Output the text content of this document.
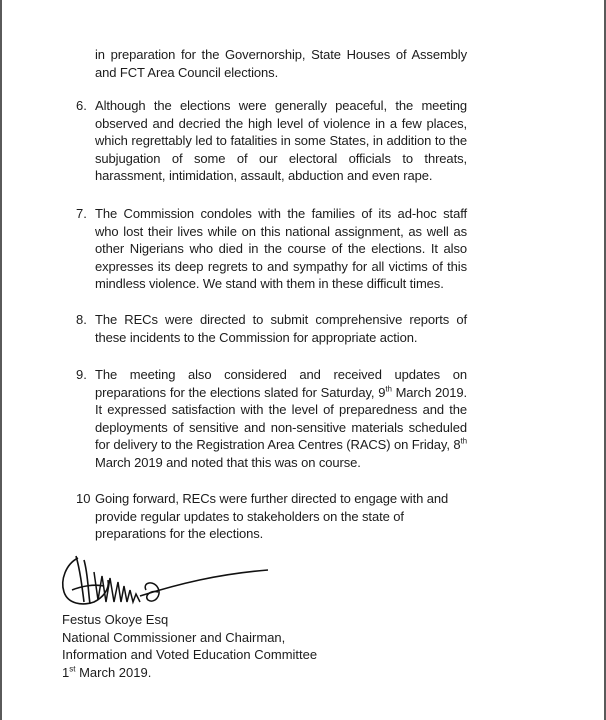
in preparation for the Governorship, State Houses of Assembly and FCT Area Council elections.
6. Although the elections were generally peaceful, the meeting observed and decried the high level of violence in a few places, which regrettably led to fatalities in some States, in addition to the subjugation of some of our electoral officials to threats, harassment, intimidation, assault, abduction and even rape.
7. The Commission condoles with the families of its ad-hoc staff who lost their lives while on this national assignment, as well as other Nigerians who died in the course of the elections. It also expresses its deep regrets to and sympathy for all victims of this mindless violence. We stand with them in these difficult times.
8. The RECs were directed to submit comprehensive reports of these incidents to the Commission for appropriate action.
9. The meeting also considered and received updates on preparations for the elections slated for Saturday, 9th March 2019. It expressed satisfaction with the level of preparedness and the deployments of sensitive and non-sensitive materials scheduled for delivery to the Registration Area Centres (RACS) on Friday, 8th March 2019 and noted that this was on course.
10 Going forward, RECs were further directed to engage with and provide regular updates to stakeholders on the state of preparations for the elections.
Festus Okoye Esq
National Commissioner and Chairman,
Information and Voted Education Committee
1st March 2019.
